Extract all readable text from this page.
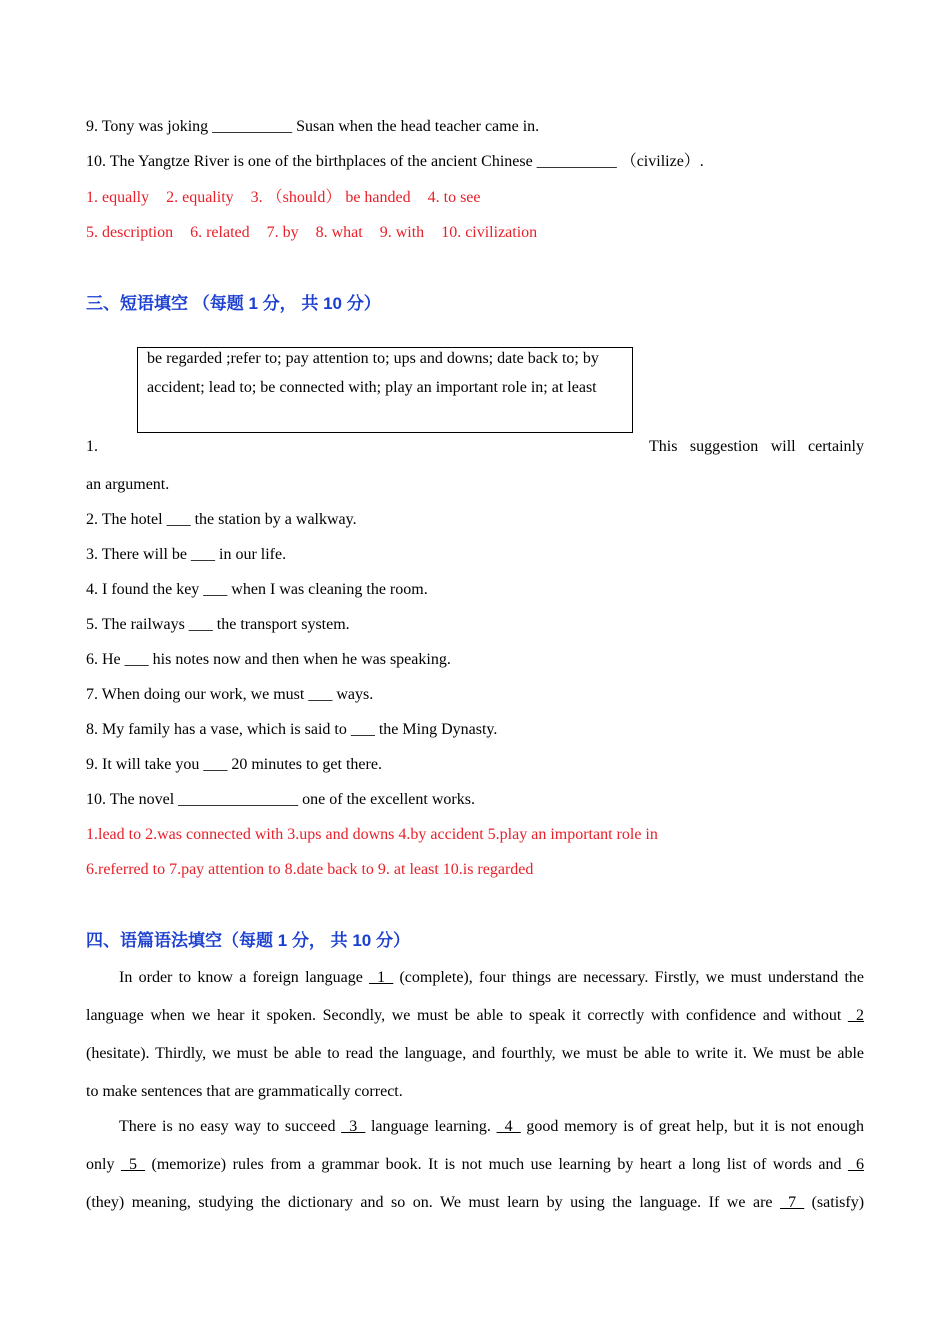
9. Tony was joking __________ Susan when the head teacher came in.
10. The Yangtze River is one of the birthplaces of the ancient Chinese __________ （civilize）.
1. equally 2. equality 3. （should） be handed 4. to see
5. description 6. related 7. by 8. what 9. with 10. civilization
三、短语填空 （每题 1 分， 共 10 分）
be regarded ;refer to; pay attention to; ups and downs; date back to; by
accident; lead to; be connected with; play an important role in; at least
1.	This suggestion will certainly
an argument.
2. The hotel ___ the station by a walkway.
3. There will be ___ in our life.
4. I found the key ___ when I was cleaning the room.
5. The railways ___ the transport system.
6. He ___ his notes now and then when he was speaking.
7. When doing our work, we must ___ ways.
8. My family has a vase, which is said to ___ the Ming Dynasty.
9. It will take you ___ 20 minutes to get there.
10. The novel _______________ one of the excellent works.
1.lead to 2.was connected with 3.ups and downs 4.by accident 5.play an important role in
6.referred to 7.pay attention to 8.date back to 9. at least 10.is regarded
四、语篇语法填空（每题 1 分， 共 10 分）
In order to know a foreign language _1_ (complete), four things are necessary. Firstly, we must understand the
language when we hear it spoken. Secondly, we must be able to speak it correctly with confidence and without _2
(hesitate). Thirdly, we must be able to read the language, and fourthly, we must be able to write it. We must be able
to make sentences that are grammatically correct.
There is no easy way to succeed _3_ language learning. _4_ good memory is of great help, but it is not enough
only _5_ (memorize) rules from a grammar book. It is not much use learning by heart a long list of words and _6
(they) meaning, studying the dictionary and so on. We must learn by using the language. If we are _7_ (satisfy)
